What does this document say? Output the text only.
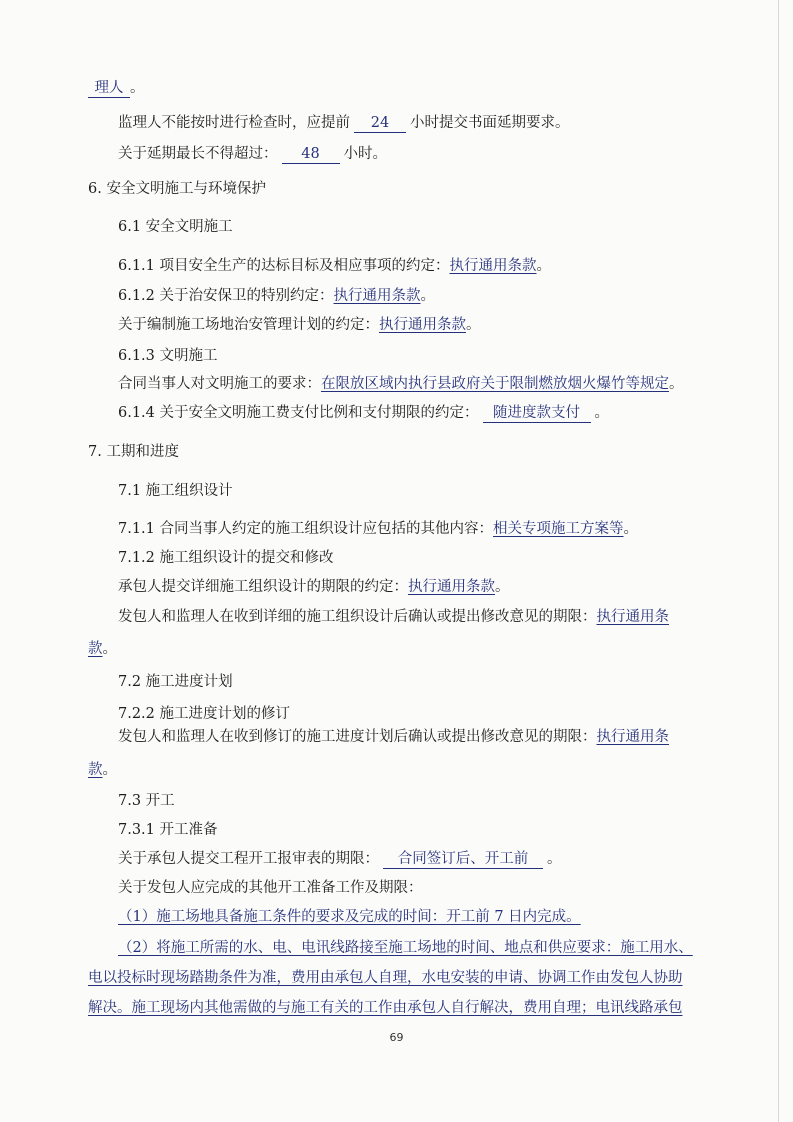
理人 。
监理人不能按时进行检查时，应提前 24 小时提交书面延期要求。
关于延期最长不得超过： 48 小时。
6. 安全文明施工与环境保护
6.1 安全文明施工
6.1.1 项目安全生产的达标目标及相应事项的约定：执行通用条款。
6.1.2 关于治安保卫的特别约定：执行通用条款。
关于编制施工场地治安管理计划的约定：执行通用条款。
6.1.3 文明施工
合同当事人对文明施工的要求：在限放区域内执行县政府关于限制燃放烟火爆竹等规定。
6.1.4 关于安全文明施工费支付比例和支付期限的约定： 随进度款支付 。
7. 工期和进度
7.1 施工组织设计
7.1.1 合同当事人约定的施工组织设计应包括的其他内容：相关专项施工方案等。
7.1.2 施工组织设计的提交和修改
承包人提交详细施工组织设计的期限的约定：执行通用条款。
发包人和监理人在收到详细的施工组织设计后确认或提出修改意见的期限：执行通用条
款。
7.2 施工进度计划
7.2.2 施工进度计划的修订
发包人和监理人在收到修订的施工进度计划后确认或提出修改意见的期限：执行通用条
款。
7.3 开工
7.3.1 开工准备
关于承包人提交工程开工报审表的期限： 合同签订后、开工前 。
关于发包人应完成的其他开工准备工作及期限：
（1）施工场地具备施工条件的要求及完成的时间：开工前 7 日内完成。
（2）将施工所需的水、电、电讯线路接至施工场地的时间、地点和供应要求：施工用水、
电以投标时现场踏勘条件为准，费用由承包人自理，水电安装的申请、协调工作由发包人协助
解决。施工现场内其他需做的与施工有关的工作由承包人自行解决，费用自理；电讯线路承包
69
